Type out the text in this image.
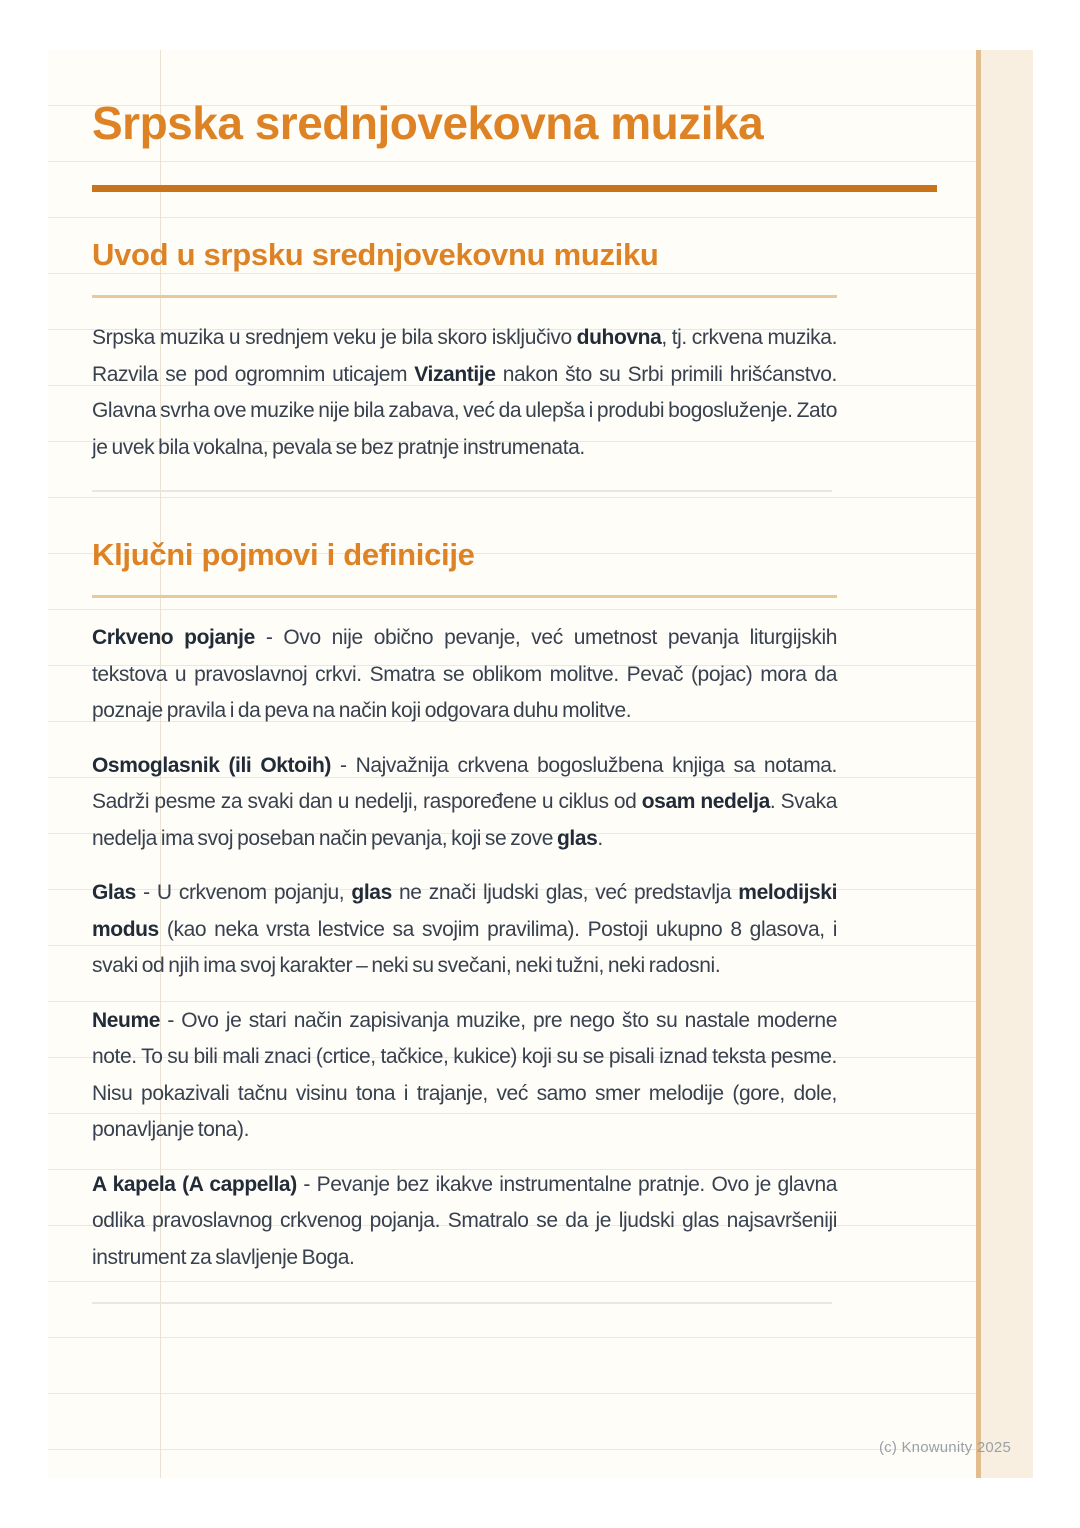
Srpska srednjovekovna muzika
Uvod u srpsku srednjovekovnu muziku

Srpska muzika u srednjem veku je bila skoro isključivo duhovna, tj. crkvena muzika. Razvila se pod ogromnim uticajem Vizantije nakon što su Srbi primili hrišćanstvo. Glavna svrha ove muzike nije bila zabava, već da ulepša i produbi bogosluženje. Zato je uvek bila vokalna, pevala se bez pratnje instrumenata.

Ključni pojmovi i definicije

Crkveno pojanje - Ovo nije obično pevanje, već umetnost pevanja liturgijskih tekstova u pravoslavnoj crkvi. Smatra se oblikom molitve. Pevač (pojac) mora da poznaje pravila i da peva na način koji odgovara duhu molitve.

Osmoglasnik (ili Oktoih) - Najvažnija crkvena bogoslužbena knjiga sa notama. Sadrži pesme za svaki dan u nedelji, raspoređene u ciklus od osam nedelja. Svaka nedelja ima svoj poseban način pevanja, koji se zove glas.

Glas - U crkvenom pojanju, glas ne znači ljudski glas, već predstavlja melodijski modus (kao neka vrsta lestvice sa svojim pravilima). Postoji ukupno 8 glasova, i svaki od njih ima svoj karakter – neki su svečani, neki tužni, neki radosni.

Neume - Ovo je stari način zapisivanja muzike, pre nego što su nastale moderne note. To su bili mali znaci (crtice, tačkice, kukice) koji su se pisali iznad teksta pesme. Nisu pokazivali tačnu visinu tona i trajanje, već samo smer melodije (gore, dole, ponavljanje tona).

A kapela (A cappella) - Pevanje bez ikakve instrumentalne pratnje. Ovo je glavna odlika pravoslavnog crkvenog pojanja. Smatralo se da je ljudski glas najsavršeniji instrument za slavljenje Boga.

(c) Knowunity 2025
